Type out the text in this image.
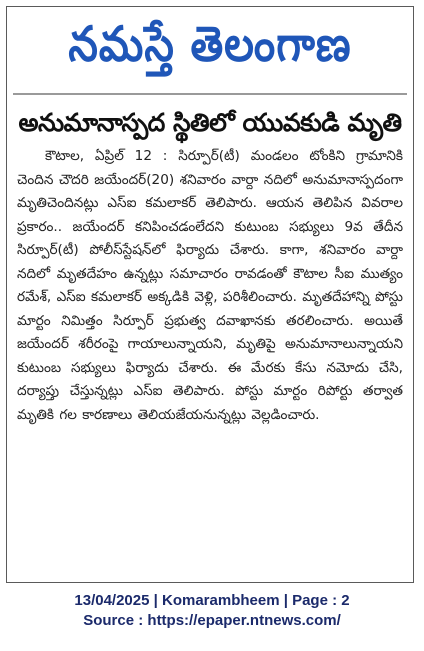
నమస్తే తెలంగాణ
అనుమానాస్పద స్థితిలో యువకుడి మృతి
కౌటాల, ఏప్రిల్ 12 : సిర్పూర్(టీ) మండలం టోంకిని గ్రామానికి చెందిన చౌదరి జయేందర్(20) శనివారం వార్దా నదిలో అనుమానాస్పదంగా మృతిచెందినట్లు ఎస్ఐ కమలాకర్ తెలిపారు. ఆయన తెలిపిన వివరాల ప్రకారం.. జయేందర్ కనిపించడంలేదని కుటుంబ సభ్యులు 9వ తేదీన సిర్పూర్(టీ) పోలీస్‌స్టేషన్‌లో ఫిర్యాదు చేశారు. కాగా, శనివారం వార్దా నదిలో మృతదేహం ఉన్నట్లు సమాచారం రావడంతో కౌటాల సీఐ ముత్యం రమేశ్, ఎస్ఐ కమలాకర్ అక్కడికి వెళ్లి, పరిశీలించారు. మృతదేహాన్ని పోస్టు మార్టం నిమిత్తం సిర్పూర్ ప్రభుత్వ దవాఖానకు తరలించారు. అయితే జయేందర్ శరీరంపై గాయాలున్నాయని, మృతిపై అనుమానాలున్నాయని కుటుంబ సభ్యులు ఫిర్యాదు చేశారు. ఈ మేరకు కేసు నమోదు చేసి, దర్యాప్తు చేస్తున్నట్లు ఎస్ఐ తెలిపారు. పోస్టు మార్టం రిపోర్టు తర్వాత మృతికి గల కారణాలు తెలియజేయనున్నట్లు వెల్లడించారు.
13/04/2025 | Komarambheem | Page : 2
Source : https://epaper.ntnews.com/
